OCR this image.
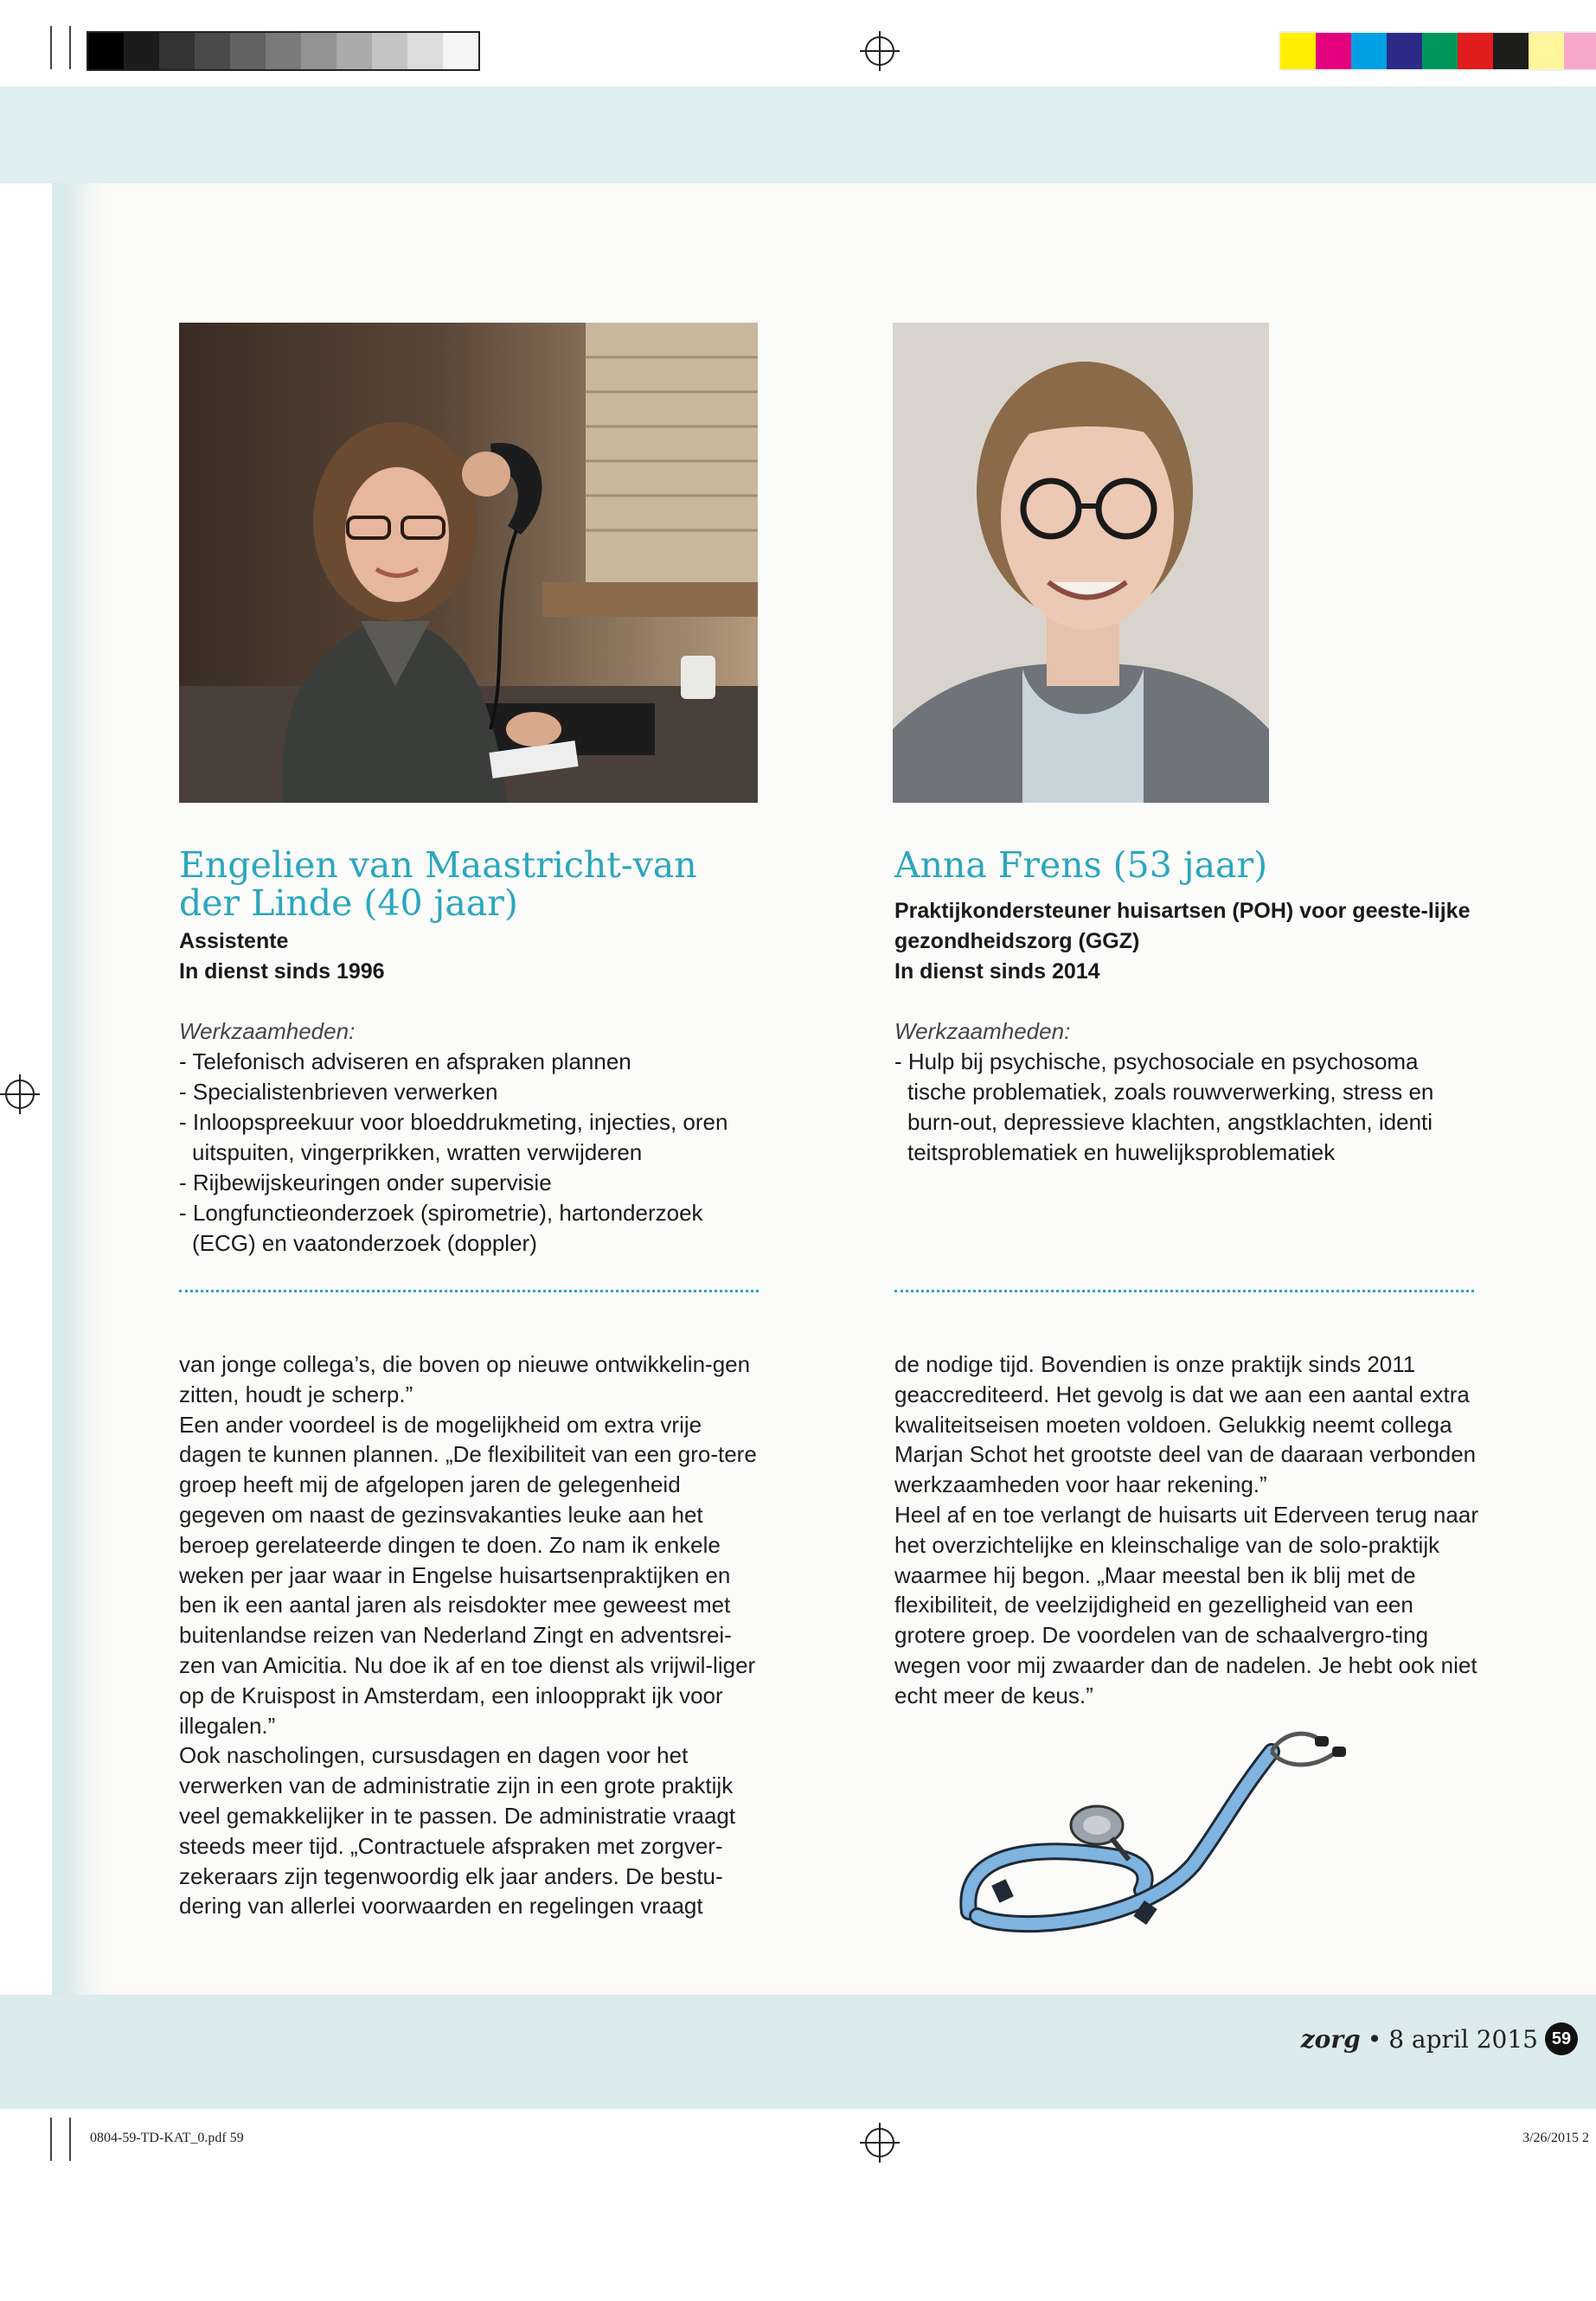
Engelien van Maastricht-van der Linde (40 jaar)
Assistente
In dienst sinds 1996
Werkzaamheden:
- Telefonisch adviseren en afspraken plannen
- Specialistenbrieven verwerken
- Inloopspreekuur voor bloeddrukmeting, injecties, oren uitspuiten, vingerprikken, wratten verwijderen
- Rijbewijskeuringen onder supervisie
- Longfunctieonderzoek (spirometrie), hartonderzoek (ECG) en vaatonderzoek (doppler)
Anna Frens (53 jaar)
Praktijkondersteuner huisartsen (POH) voor geeste-lijke gezondheidszorg (GGZ)
In dienst sinds 2014
Werkzaamheden:
- Hulp bij psychische, psychosociale en psychosoma tische problematiek, zoals rouwverwerking, stress en burn-out, depressieve klachten, angstklachten, identi teitsproblematiek en huwelijksproblematiek

van jonge collega’s, die boven op nieuwe ontwikkelin-gen zitten, houdt je scherp.”

Een ander voordeel is de mogelijkheid om extra vrije dagen te kunnen plannen. „De flexibiliteit van een gro-tere groep heeft mij de afgelopen jaren de gelegenheid gegeven om naast de gezinsvakanties leuke aan het beroep gerelateerde dingen te doen. Zo nam ik enkele weken per jaar waar in Engelse huisartsenpraktijken en ben ik een aantal jaren als reisdokter mee geweest met buitenlandse reizen van Nederland Zingt en adventsrei-zen van Amicitia. Nu doe ik af en toe dienst als vrijwil-liger op de Kruispost in Amsterdam, een inloopprakt ijk voor illegalen.”

Ook nascholingen, cursusdagen en dagen voor het verwerken van de administratie zijn in een grote praktijk veel gemakkelijker in te passen. De administratie vraagt steeds meer tijd. „Contractuele afspraken met zorgver-zekeraars zijn tegenwoordig elk jaar anders. De bestu-dering van allerlei voorwaarden en regelingen vraagt

de nodige tijd. Bovendien is onze praktijk sinds 2011 geaccrediteerd. Het gevolg is dat we aan een aantal extra kwaliteitseisen moeten voldoen. Gelukkig neemt collega Marjan Schot het grootste deel van de daaraan verbonden werkzaamheden voor haar rekening.”

Heel af en toe verlangt de huisarts uit Ederveen terug naar het overzichtelijke en kleinschalige van de solo-praktijk waarmee hij begon. „Maar meestal ben ik blij met de flexibiliteit, de veelzijdigheid en gezelligheid van een grotere groep. De voordelen van de schaalvergro-ting wegen voor mij zwaarder dan de nadelen. Je hebt ook niet echt meer de keus.”

zorg • 8 april 2015 59
0804-59-TD-KAT_0.pdf 59	3/26/2015 2
